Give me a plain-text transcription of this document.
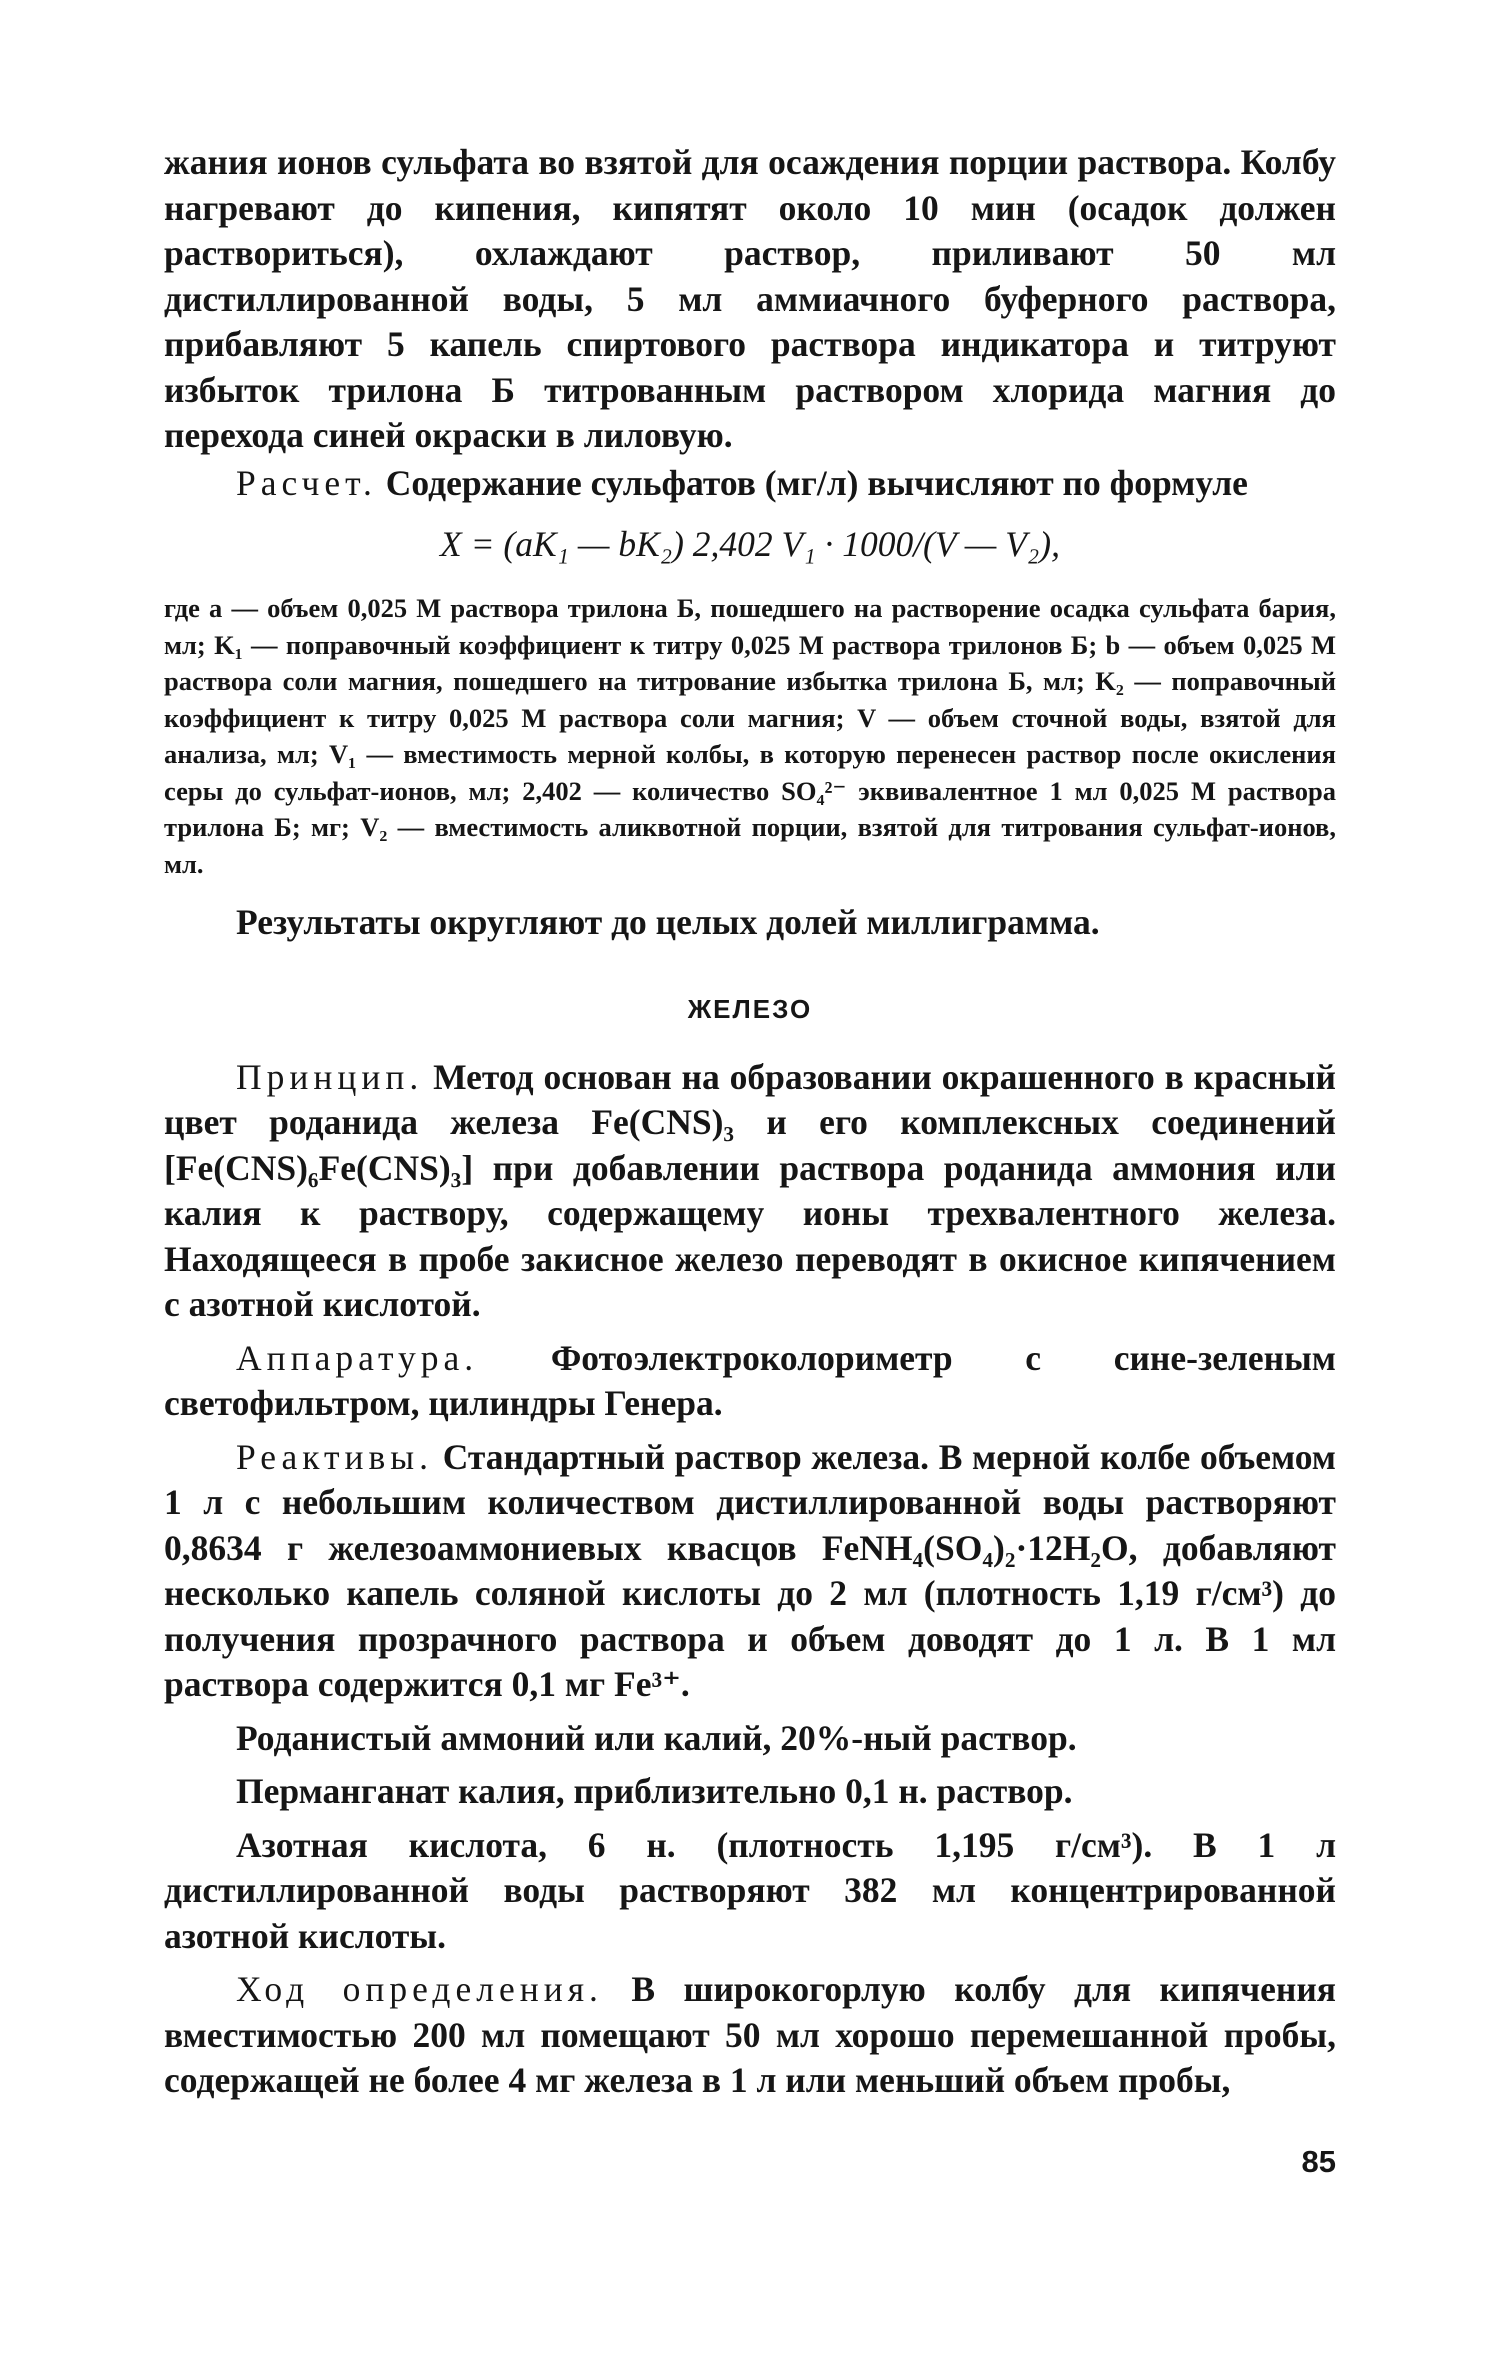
жания ионов сульфата во взятой для осаждения порции раствора. Колбу нагревают до кипения, кипятят около 10 мин (осадок должен раствориться), охлаждают раствор, приливают 50 мл дистиллированной воды, 5 мл аммиачного буферного раствора, прибавляют 5 капель спиртового раствора индикатора и титруют избыток трилона Б титрованным раствором хлорида магния до перехода синей окраски в лиловую.

Расчет. Содержание сульфатов (мг/л) вычисляют по формуле

X = (aK₁ — bK₂) 2,402 V₁ · 1000/(V — V₂),

где a — объем 0,025 М раствора трилона Б, пошедшего на растворение осадка сульфата бария, мл; K₁ — поправочный коэффициент к титру 0,025 М раствора трилонов Б; b — объем 0,025 М раствора соли магния, пошедшего на титрование избытка трилона Б, мл; K₂ — поправочный коэффициент к титру 0,025 М раствора соли магния; V — объем сточной воды, взятой для анализа, мл; V₁ — вместимость мерной колбы, в которую перенесен раствор после окисления серы до сульфат-ионов, мл; 2,402 — количество SO₄²⁻ эквивалентное 1 мл 0,025 М раствора трилона Б; мг; V₂ — вместимость аликвотной порции, взятой для титрования сульфат-ионов, мл.

Результаты округляют до целых долей миллиграмма.

ЖЕЛЕЗО

Принцип. Метод основан на образовании окрашенного в красный цвет роданида железа Fe(CNS)₃ и его комплексных соединений [Fe(CNS)₆Fe(CNS)₃] при добавлении раствора роданида аммония или калия к раствору, содержащему ионы трехвалентного железа. Находящееся в пробе закисное железо переводят в окисное кипячением с азотной кислотой.

Аппаратура. Фотоэлектроколориметр с сине-зеленым светофильтром, цилиндры Генера.

Реактивы. Стандартный раствор железа. В мерной колбе объемом 1 л с небольшим количеством дистиллированной воды растворяют 0,8634 г железоаммониевых квасцов FeNH₄(SO₄)₂·12H₂O, добавляют несколько капель соляной кислоты до 2 мл (плотность 1,19 г/см³) до получения прозрачного раствора и объем доводят до 1 л. В 1 мл раствора содержится 0,1 мг Fe³⁺.

Роданистый аммоний или калий, 20%-ный раствор.

Перманганат калия, приблизительно 0,1 н. раствор.

Азотная кислота, 6 н. (плотность 1,195 г/см³). В 1 л дистиллированной воды растворяют 382 мл концентрированной азотной кислоты.

Ход определения. В широкогорлую колбу для кипячения вместимостью 200 мл помещают 50 мл хорошо перемешанной пробы, содержащей не более 4 мг железа в 1 л или меньший объем пробы,

85
